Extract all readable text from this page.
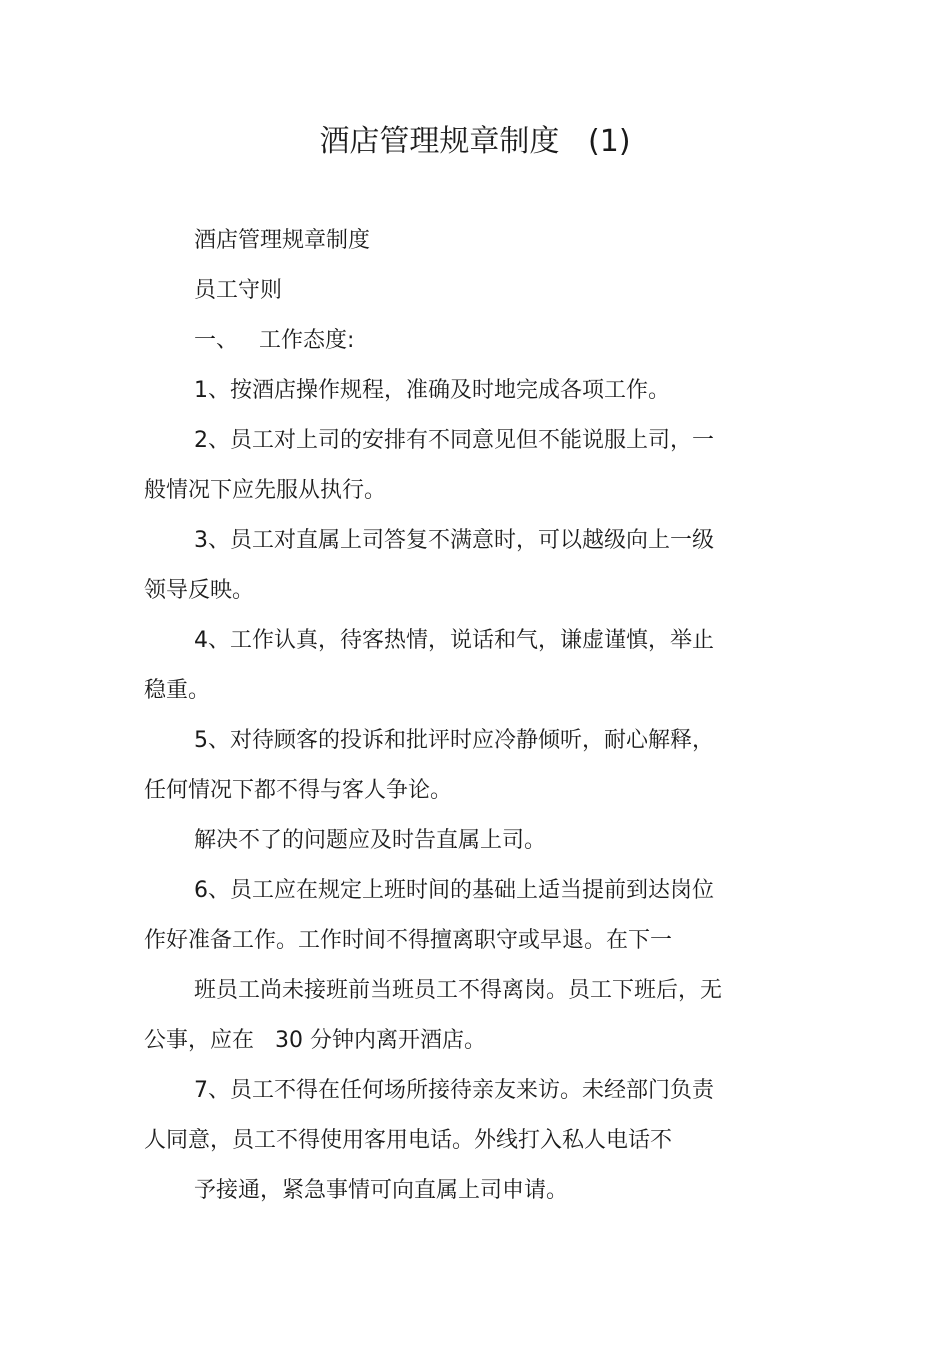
酒店管理规章制度   (1)
酒店管理规章制度
员工守则
一、   工作态度:
1、按酒店操作规程，准确及时地完成各项工作。
2、员工对上司的安排有不同意见但不能说服上司，一
般情况下应先服从执行。
3、员工对直属上司答复不满意时，可以越级向上一级
领导反映。
4、工作认真，待客热情，说话和气，谦虚谨慎，举止
稳重。
5、对待顾客的投诉和批评时应冷静倾听，耐心解释，
任何情况下都不得与客人争论。
解决不了的问题应及时告直属上司。
6、员工应在规定上班时间的基础上适当提前到达岗位
作好准备工作。工作时间不得擅离职守或早退。在下一
班员工尚未接班前当班员工不得离岗。员工下班后，无
公事，应在   30 分钟内离开酒店。
7、员工不得在任何场所接待亲友来访。未经部门负责
人同意，员工不得使用客用电话。外线打入私人电话不
予接通，紧急事情可向直属上司申请。
